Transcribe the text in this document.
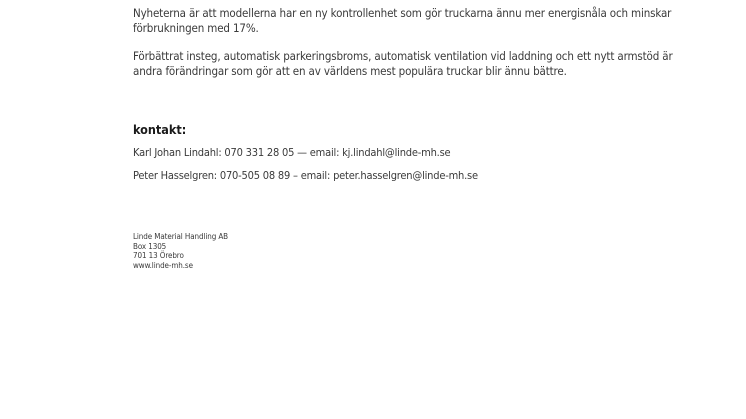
Nyheterna är att modellerna har en ny kontrollenhet som gör truckarna ännu mer energisnåla och minskar förbrukningen med 17%.

Förbättrat insteg, automatisk parkeringsbroms, automatisk ventilation vid laddning och ett nytt armstöd är andra förändringar som gör att en av världens mest populära truckar blir ännu bättre.

kontakt:

Karl Johan Lindahl: 070 331 28 05 — email: kj.lindahl@linde-mh.se

Peter Hasselgren: 070-505 08 89 – email: peter.hasselgren@linde-mh.se

Linde Material Handling AB
Box 1305
701 13 Örebro
www.linde-mh.se
